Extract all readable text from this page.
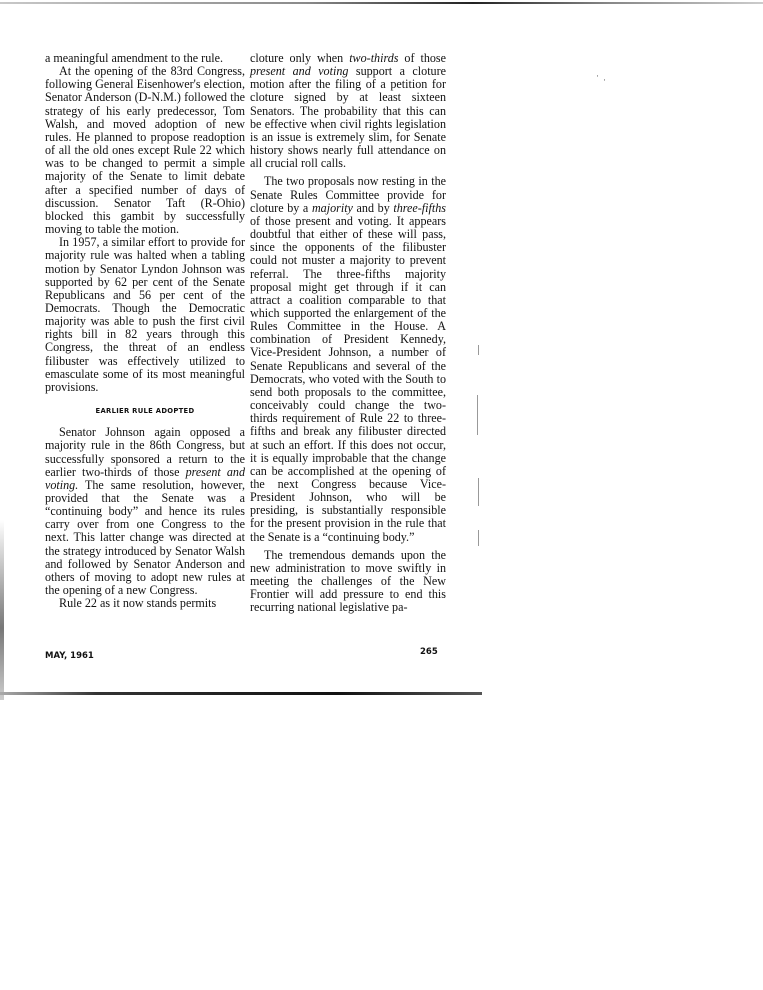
· ·

a meaningful amendment to the rule.

At the opening of the 83rd Congress, following General Eisenhower's election, Senator Anderson (D-N.M.) followed the strategy of his early predecessor, Tom Walsh, and moved adoption of new rules. He planned to propose readoption of all the old ones except Rule 22 which was to be changed to permit a simple majority of the Senate to limit debate after a specified number of days of discussion. Senator Taft (R-Ohio) blocked this gambit by successfully moving to table the motion.

In 1957, a similar effort to provide for majority rule was halted when a tabling motion by Senator Lyndon Johnson was supported by 62 per cent of the Senate Republicans and 56 per cent of the Democrats. Though the Democratic majority was able to push the first civil rights bill in 82 years through this Congress, the threat of an endless filibuster was effectively utilized to emasculate some of its most meaningful provisions.

EARLIER RULE ADOPTED

Senator Johnson again opposed a majority rule in the 86th Congress, but successfully sponsored a return to the earlier two-thirds of those present and voting. The same resolution, however, provided that the Senate was a “continuing body” and hence its rules carry over from one Congress to the next. This latter change was directed at the strategy introduced by Senator Walsh and followed by Senator Anderson and others of moving to adopt new rules at the opening of a new Congress.

Rule 22 as it now stands permits

cloture only when two-thirds of those present and voting support a cloture motion after the filing of a petition for cloture signed by at least sixteen Senators. The probability that this can be effective when civil rights legislation is an issue is extremely slim, for Senate history shows nearly full attendance on all crucial roll calls.

The two proposals now resting in the Senate Rules Committee provide for cloture by a majority and by three-fifths of those present and voting. It appears doubtful that either of these will pass, since the opponents of the filibuster could not muster a majority to prevent referral. The three-fifths majority proposal might get through if it can attract a coalition comparable to that which supported the enlargement of the Rules Committee in the House. A combination of President Kennedy, Vice-President Johnson, a number of Senate Republicans and several of the Democrats, who voted with the South to send both proposals to the committee, conceivably could change the two-thirds requirement of Rule 22 to three-fifths and break any filibuster directed at such an effort. If this does not occur, it is equally improbable that the change can be accomplished at the opening of the next Congress because Vice-President Johnson, who will be presiding, is substantially responsible for the present provision in the rule that the Senate is a “continuing body.”

The tremendous demands upon the new administration to move swiftly in meeting the challenges of the New Frontier will add pressure to end this recurring national legislative pa-

MAY, 1961	265
